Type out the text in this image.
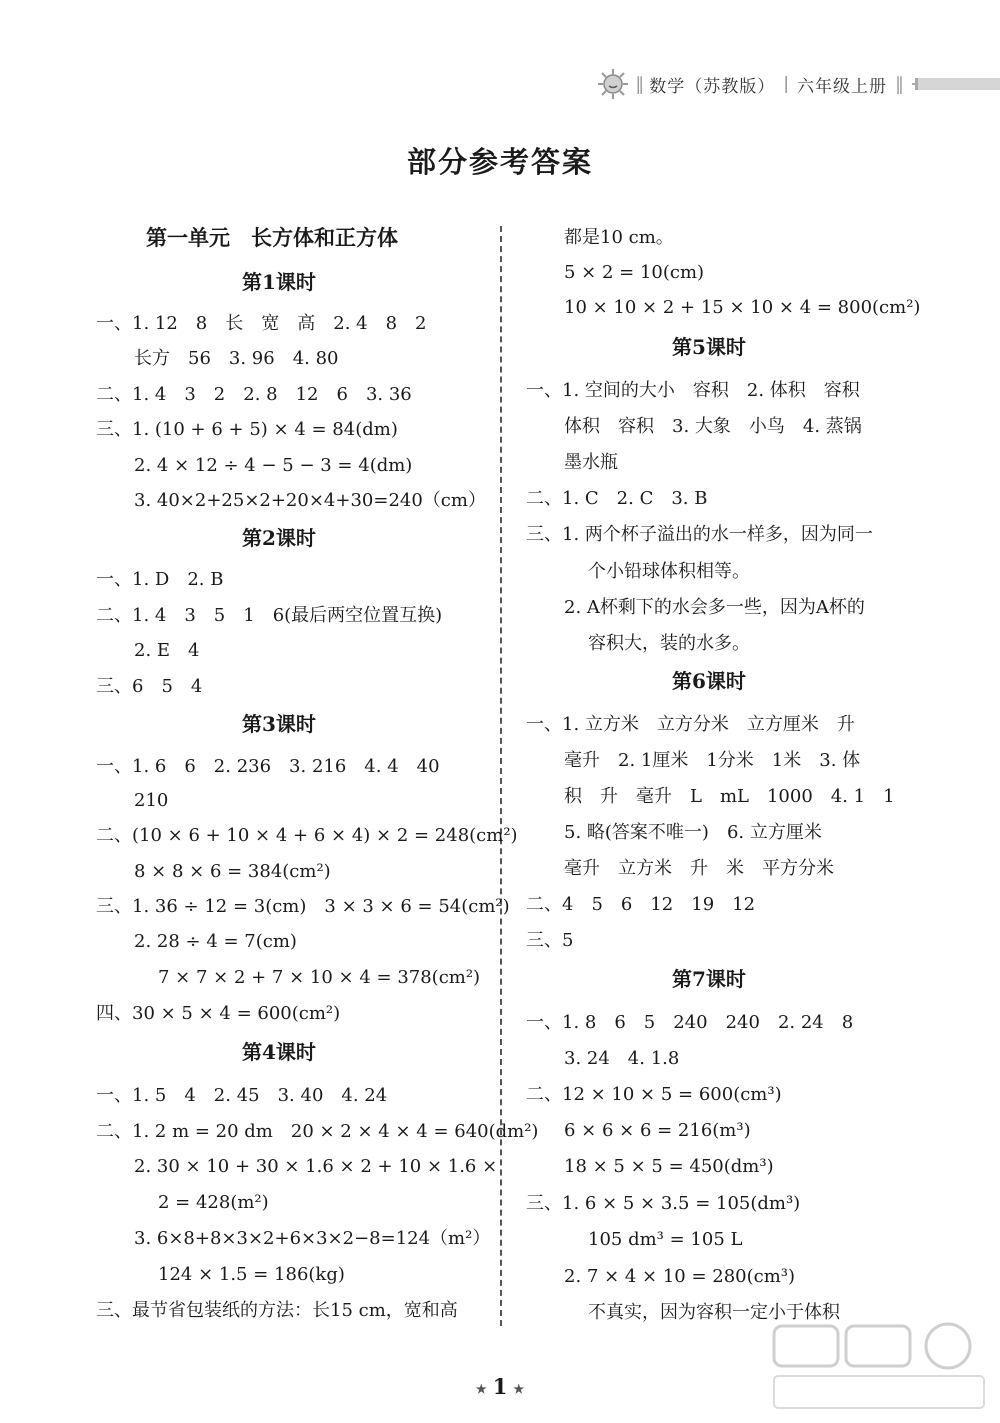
‖ 数学（苏教版） | 六年级上册 ‖
部分参考答案
第一单元　长方体和正方体
第1课时
一、1. 12　8　长　宽　高　2. 4　8　2
长方　56　3. 96　4. 80
二、1. 4　3　2　2. 8　12　6　3. 36
三、1. (10 + 6 + 5) × 4 = 84(dm)
2. 4 × 12 ÷ 4 − 5 − 3 = 4(dm)
3. 40×2+25×2+20×4+30=240（cm）
第2课时
一、1. D　2. B
二、1. 4　3　5　1　6(最后两空位置互换)
2. E　4
三、6　5　4
第3课时
一、1. 6　6　2. 236　3. 216　4. 4　40
210
二、(10 × 6 + 10 × 4 + 6 × 4) × 2 = 248(cm²)
8 × 8 × 6 = 384(cm²)
三、1. 36 ÷ 12 = 3(cm)　3 × 3 × 6 = 54(cm²)
2. 28 ÷ 4 = 7(cm)
7 × 7 × 2 + 7 × 10 × 4 = 378(cm²)
四、30 × 5 × 4 = 600(cm²)
第4课时
一、1. 5　4　2. 45　3. 40　4. 24
二、1. 2 m = 20 dm　20 × 2 × 4 × 4 = 640(dm²)
2. 30 × 10 + 30 × 1.6 × 2 + 10 × 1.6 ×
2 = 428(m²)
3. 6×8+8×3×2+6×3×2−8=124（m²）
124 × 1.5 = 186(kg)
三、最节省包装纸的方法：长15 cm，宽和高
都是10 cm。
5 × 2 = 10(cm)
10 × 10 × 2 + 15 × 10 × 4 = 800(cm²)
第5课时
一、1. 空间的大小　容积　2. 体积　容积
体积　容积　3. 大象　小鸟　4. 蒸锅
墨水瓶
二、1. C　2. C　3. B
三、1. 两个杯子溢出的水一样多，因为同一
个小铅球体积相等。
2. A杯剩下的水会多一些，因为A杯的
容积大，装的水多。
第6课时
一、1. 立方米　立方分米　立方厘米　升
毫升　2. 1厘米　1分米　1米　3. 体
积　升　毫升　L　mL　1000　4. 1　1
5. 略(答案不唯一)　6. 立方厘米
毫升　立方米　升　米　平方分米
二、4　5　6　12　19　12
三、5
第7课时
一、1. 8　6　5　240　240　2. 24　8
3. 24　4. 1.8
二、12 × 10 × 5 = 600(cm³)
6 × 6 × 6 = 216(m³)
18 × 5 × 5 = 450(dm³)
三、1. 6 × 5 × 3.5 = 105(dm³)
105 dm³ = 105 L
2. 7 × 4 × 10 = 280(cm³)
不真实，因为容积一定小于体积
★ 1 ★
